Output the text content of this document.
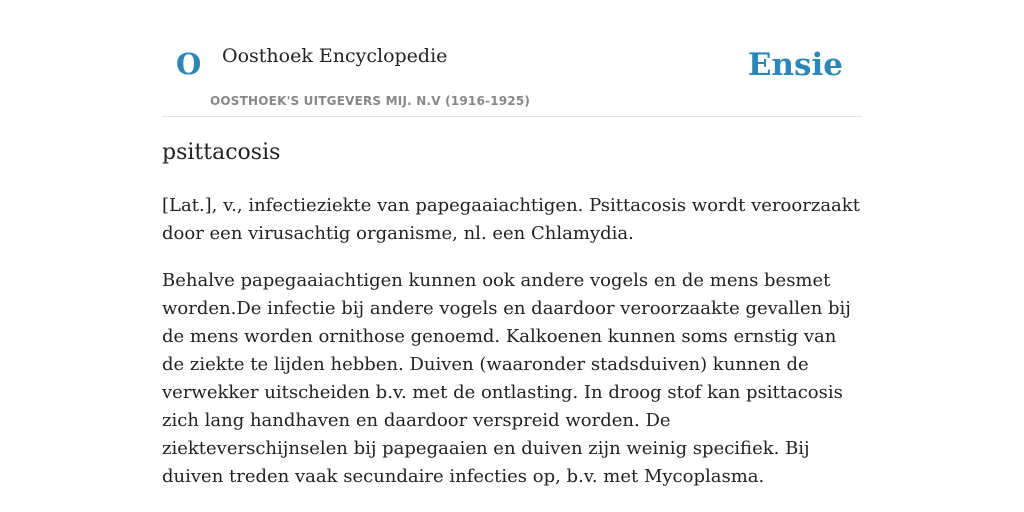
O Oosthoek Encyclopedie
OOSTHOEK'S UITGEVERS MIJ. N.V (1916-1925)
Ensie
psittacosis

[Lat.], v., infectieziekte van papegaaiachtigen. Psittacosis wordt veroorzaakt door een virusachtig organisme, nl. een Chlamydia.

Behalve papegaaiachtigen kunnen ook andere vogels en de mens besmet worden.De infectie bij andere vogels en daardoor veroorzaakte gevallen bij de mens worden ornithose genoemd. Kalkoenen kunnen soms ernstig van de ziekte te lijden hebben. Duiven (waaronder stadsduiven) kunnen de verwekker uitscheiden b.v. met de ontlasting. In droog stof kan psittacosis zich lang handhaven en daardoor verspreid worden. De ziekteverschijnselen bij papegaaien en duiven zijn weinig specifiek. Bij duiven treden vaak secundaire infecties op, b.v. met Mycoplasma.
